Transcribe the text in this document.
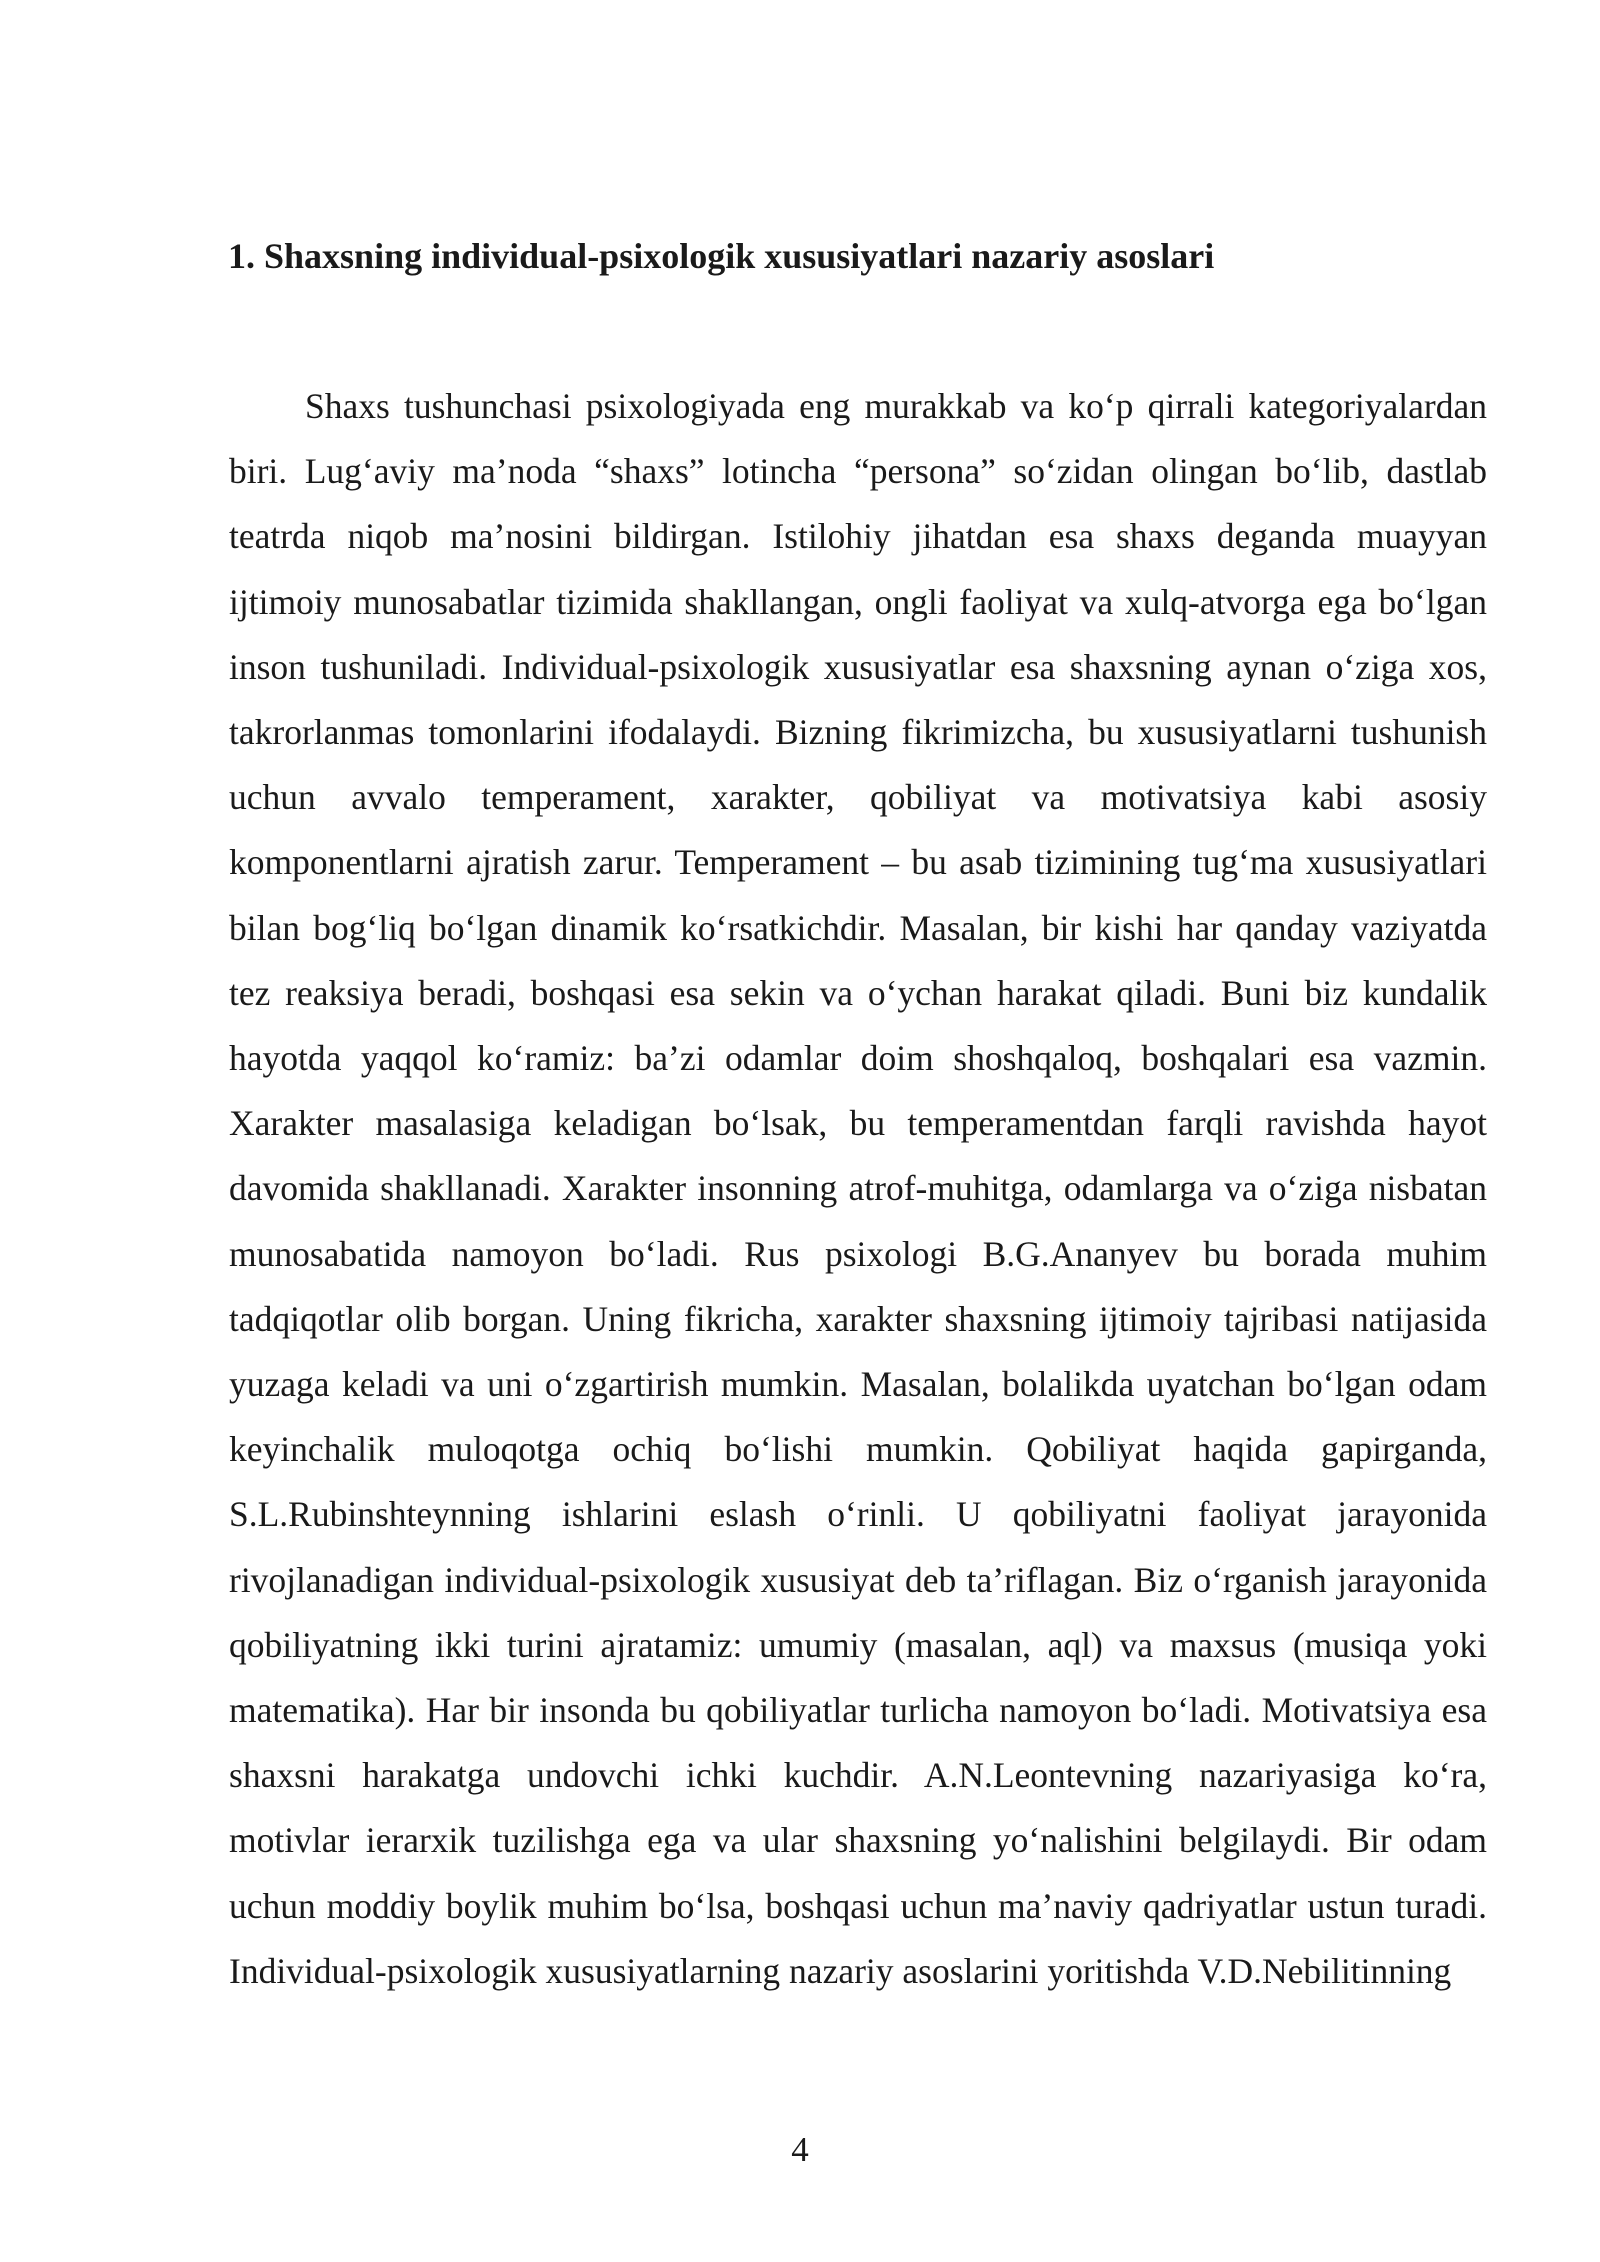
1. Shaxsning individual-psixologik xususiyatlari nazariy asoslari

Shaxs tushunchasi psixologiyada eng murakkab va ko‘p qirrali kategoriyalardan biri. Lug‘aviy ma’noda “shaxs” lotincha “persona” so‘zidan olingan bo‘lib, dastlab teatrda niqob ma’nosini bildirgan. Istilohiy jihatdan esa shaxs deganda muayyan ijtimoiy munosabatlar tizimida shakllangan, ongli faoliyat va xulq-atvorga ega bo‘lgan inson tushuniladi. Individual-psixologik xususiyatlar esa shaxsning aynan o‘ziga xos, takrorlanmas tomonlarini ifodalaydi. Bizning fikrimizcha, bu xususiyatlarni tushunish uchun avvalo temperament, xarakter, qobiliyat va motivatsiya kabi asosiy komponentlarni ajratish zarur. Temperament – bu asab tizimining tug‘ma xususiyatlari bilan bog‘liq bo‘lgan dinamik ko‘rsatkichdir. Masalan, bir kishi har qanday vaziyatda tez reaksiya beradi, boshqasi esa sekin va o‘ychan harakat qiladi. Buni biz kundalik hayotda yaqqol ko‘ramiz: ba’zi odamlar doim shoshqaloq, boshqalari esa vazmin. Xarakter masalasiga keladigan bo‘lsak, bu temperamentdan farqli ravishda hayot davomida shakllanadi. Xarakter insonning atrof-muhitga, odamlarga va o‘ziga nisbatan munosabatida namoyon bo‘ladi. Rus psixologi B.G.Ananyev bu borada muhim tadqiqotlar olib borgan. Uning fikricha, xarakter shaxsning ijtimoiy tajribasi natijasida yuzaga keladi va uni o‘zgartirish mumkin. Masalan, bolalikda uyatchan bo‘lgan odam keyinchalik muloqotga ochiq bo‘lishi mumkin. Qobiliyat haqida gapirganda, S.L.Rubinshteynning ishlarini eslash o‘rinli. U qobiliyatni faoliyat jarayonida rivojlanadigan individual-psixologik xususiyat deb ta’riflagan. Biz o‘rganish jarayonida qobiliyatning ikki turini ajratamiz: umumiy (masalan, aql) va maxsus (musiqa yoki matematika). Har bir insonda bu qobiliyatlar turlicha namoyon bo‘ladi. Motivatsiya esa shaxsni harakatga undovchi ichki kuchdir. A.N.Leontevning nazariyasiga ko‘ra, motivlar ierarxik tuzilishga ega va ular shaxsning yo‘nalishini belgilaydi. Bir odam uchun moddiy boylik muhim bo‘lsa, boshqasi uchun ma’naviy qadriyatlar ustun turadi. Individual-psixologik xususiyatlarning nazariy asoslarini yoritishda V.D.Nebilitinning

4
